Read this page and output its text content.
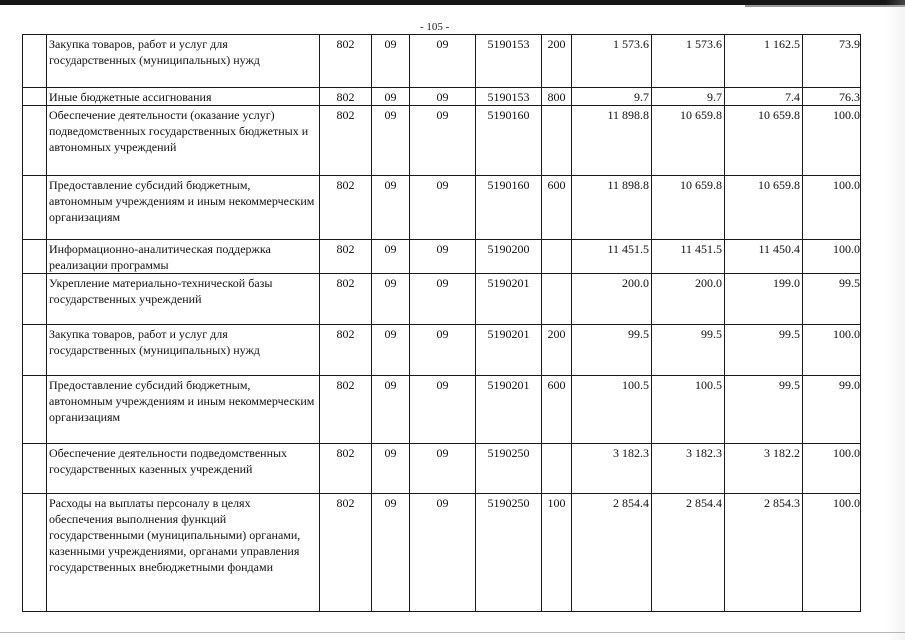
- 105 -
	Закупка товаров, работ и услуг для государственных (муниципальных) нужд	802	09	09	5190153	200	1 573.6	1 573.6	1 162.5	73.9
	Иные бюджетные ассигнования	802	09	09	5190153	800	9.7	9.7	7.4	76.3
	Обеспечение деятельности (оказание услуг) подведомственных государственных бюджетных и автономных учреждений	802	09	09	5190160		11 898.8	10 659.8	10 659.8	100.0
	Предоставление субсидий бюджетным, автономным учреждениям и иным некоммерческим организациям	802	09	09	5190160	600	11 898.8	10 659.8	10 659.8	100.0
	Информационно-аналитическая поддержка реализации программы	802	09	09	5190200		11 451.5	11 451.5	11 450.4	100.0
	Укрепление материально-технической базы государственных учреждений	802	09	09	5190201		200.0	200.0	199.0	99.5
	Закупка товаров, работ и услуг для государственных (муниципальных) нужд	802	09	09	5190201	200	99.5	99.5	99.5	100.0
	Предоставление субсидий бюджетным, автономным учреждениям и иным некоммерческим организациям	802	09	09	5190201	600	100.5	100.5	99.5	99.0
	Обеспечение деятельности подведомственных государственных казенных учреждений	802	09	09	5190250		3 182.3	3 182.3	3 182.2	100.0
	Расходы на выплаты персоналу в целях обеспечения выполнения функций государственными (муниципальными) органами, казенными учреждениями, органами управления государственных внебюджетными фондами	802	09	09	5190250	100	2 854.4	2 854.4	2 854.3	100.0
